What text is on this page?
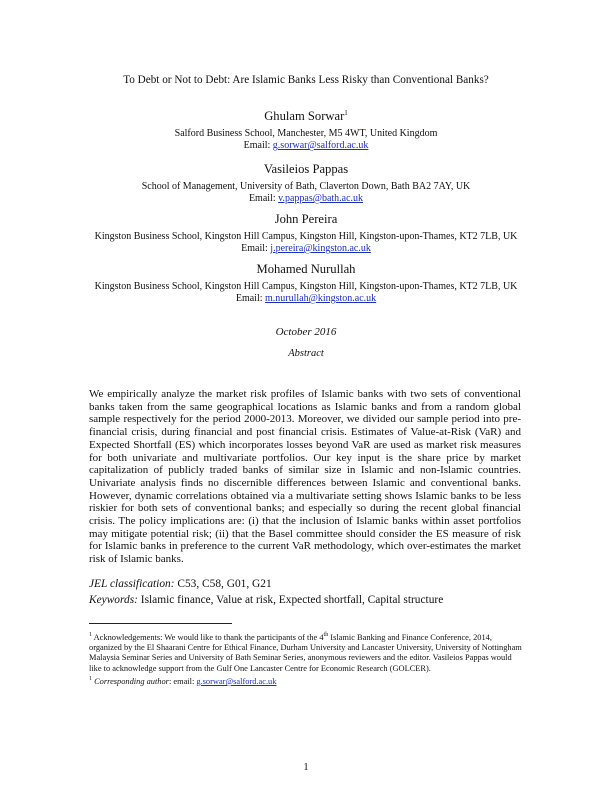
To Debt or Not to Debt: Are Islamic Banks Less Risky than Conventional Banks?
Ghulam Sorwar$^1$
Salford Business School, Manchester, M5 4WT, United Kingdom
Email: g.sorwar@salford.ac.uk
Vasileios Pappas
School of Management, University of Bath, Claverton Down, Bath BA2 7AY, UK
Email: v.pappas@bath.ac.uk
John Pereira
Kingston Business School, Kingston Hill Campus, Kingston Hill, Kingston-upon-Thames, KT2 7LB, UK
Email: j.pereira@kingston.ac.uk
Mohamed Nurullah
Kingston Business School, Kingston Hill Campus, Kingston Hill, Kingston-upon-Thames, KT2 7LB, UK
Email: m.nurullah@kingston.ac.uk
October 2016
Abstract

We empirically analyze the market risk profiles of Islamic banks with two sets of conventional banks taken from the same geographical locations as Islamic banks and from a random global sample respectively for the period 2000-2013. Moreover, we divided our sample period into pre-financial crisis, during financial and post financial crisis. Estimates of Value-at-Risk (VaR) and Expected Shortfall (ES) which incorporates losses beyond VaR are used as market risk measures for both univariate and multivariate portfolios. Our key input is the share price by market capitalization of publicly traded banks of similar size in Islamic and non-Islamic countries. Univariate analysis finds no discernible differences between Islamic and conventional banks. However, dynamic correlations obtained via a multivariate setting shows Islamic banks to be less riskier for both sets of conventional banks; and especially so during the recent global financial crisis. The policy implications are: (i) that the inclusion of Islamic banks within asset portfolios may mitigate potential risk; (ii) that the Basel committee should consider the ES measure of risk for Islamic banks in preference to the current VaR methodology, which over-estimates the market risk of Islamic banks.

JEL classification: C53, C58, G01, G21
Keywords: Islamic finance, Value at risk, Expected shortfall, Capital structure

$^1$ Acknowledgements: We would like to thank the participants of the 4th Islamic Banking and Finance Conference, 2014, organized by the El Shaarani Centre for Ethical Finance, Durham University and Lancaster University, University of Nottingham Malaysia Seminar Series and University of Bath Seminar Series, anonymous reviewers and the editor. Vasileios Pappas would like to acknowledge support from the Gulf One Lancaster Centre for Economic Research (GOLCER).

$^1$ Corresponding author: email: g.sorwar@salford.ac.uk

1
